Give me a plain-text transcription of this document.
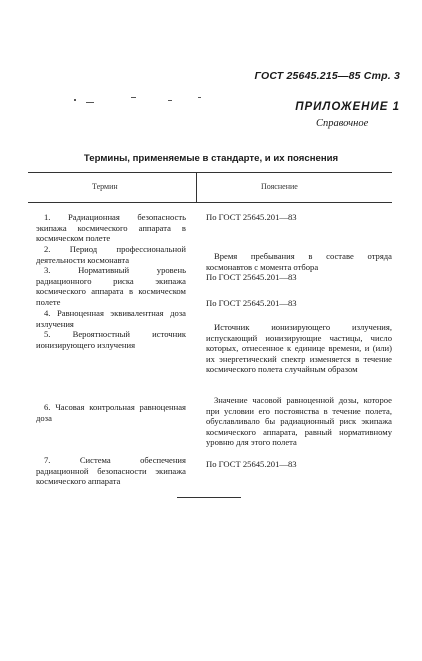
ГОСТ 25645.215—85 Стр. 3
ПРИЛОЖЕНИЕ 1
Справочное
Термины, применяемые в стандарте, и их пояснения
Термин	Пояснение
1. Радиационная безопасность экипажа космического аппарата в космическом полете
2. Период профессиональной деятельности космонавта
3. Нормативный уровень радиационного риска экипажа космического аппарата в космическом полете
4. Равноценная эквивалентная доза излучения
5. Вероятностный источник ионизирующего излучения
6. Часовая контрольная равноценная доза
7. Система обеспечения радиационной безопасности экипажа космического аппарата
По ГОСТ 25645.201—83
Время пребывания в составе отряда космонавтов с момента отбора
По ГОСТ 25645.201—83
По ГОСТ 25645.201—83
Источник ионизирующего излучения, испускающий ионизирующие частицы, число которых, отнесенное к единице времени, и (или) их энергетический спектр изменяется в течение космического полета случайным образом
Значение часовой равноценной дозы, которое при условии его постоянства в течение полета, обуславливало бы радиационный риск экипажа космического аппарата, равный нормативному уровню для этого полета
По ГОСТ 25645.201—83
